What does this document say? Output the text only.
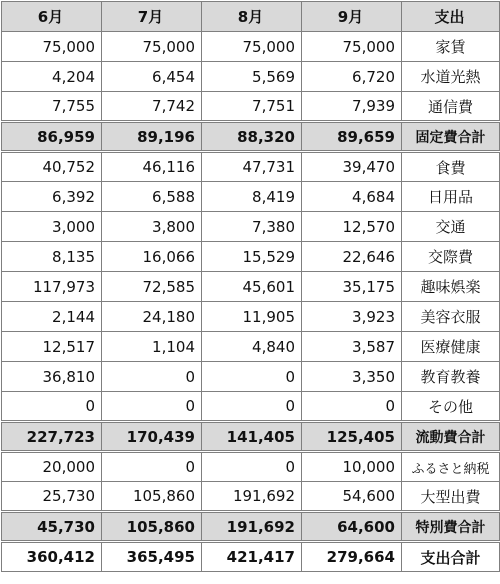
6月	7月	8月	9月	支出
75,000	75,000	75,000	75,000	家賃
4,204	6,454	5,569	6,720	水道光熱
7,755	7,742	7,751	7,939	通信費
86,959	89,196	88,320	89,659	固定費合計
40,752	46,116	47,731	39,470	食費
6,392	6,588	8,419	4,684	日用品
3,000	3,800	7,380	12,570	交通
8,135	16,066	15,529	22,646	交際費
117,973	72,585	45,601	35,175	趣味娯楽
2,144	24,180	11,905	3,923	美容衣服
12,517	1,104	4,840	3,587	医療健康
36,810	0	0	3,350	教育教養
0	0	0	0	その他
227,723	170,439	141,405	125,405	流動費合計
20,000	0	0	10,000	ふるさと納税
25,730	105,860	191,692	54,600	大型出費
45,730	105,860	191,692	64,600	特別費合計
360,412	365,495	421,417	279,664	支出合計
